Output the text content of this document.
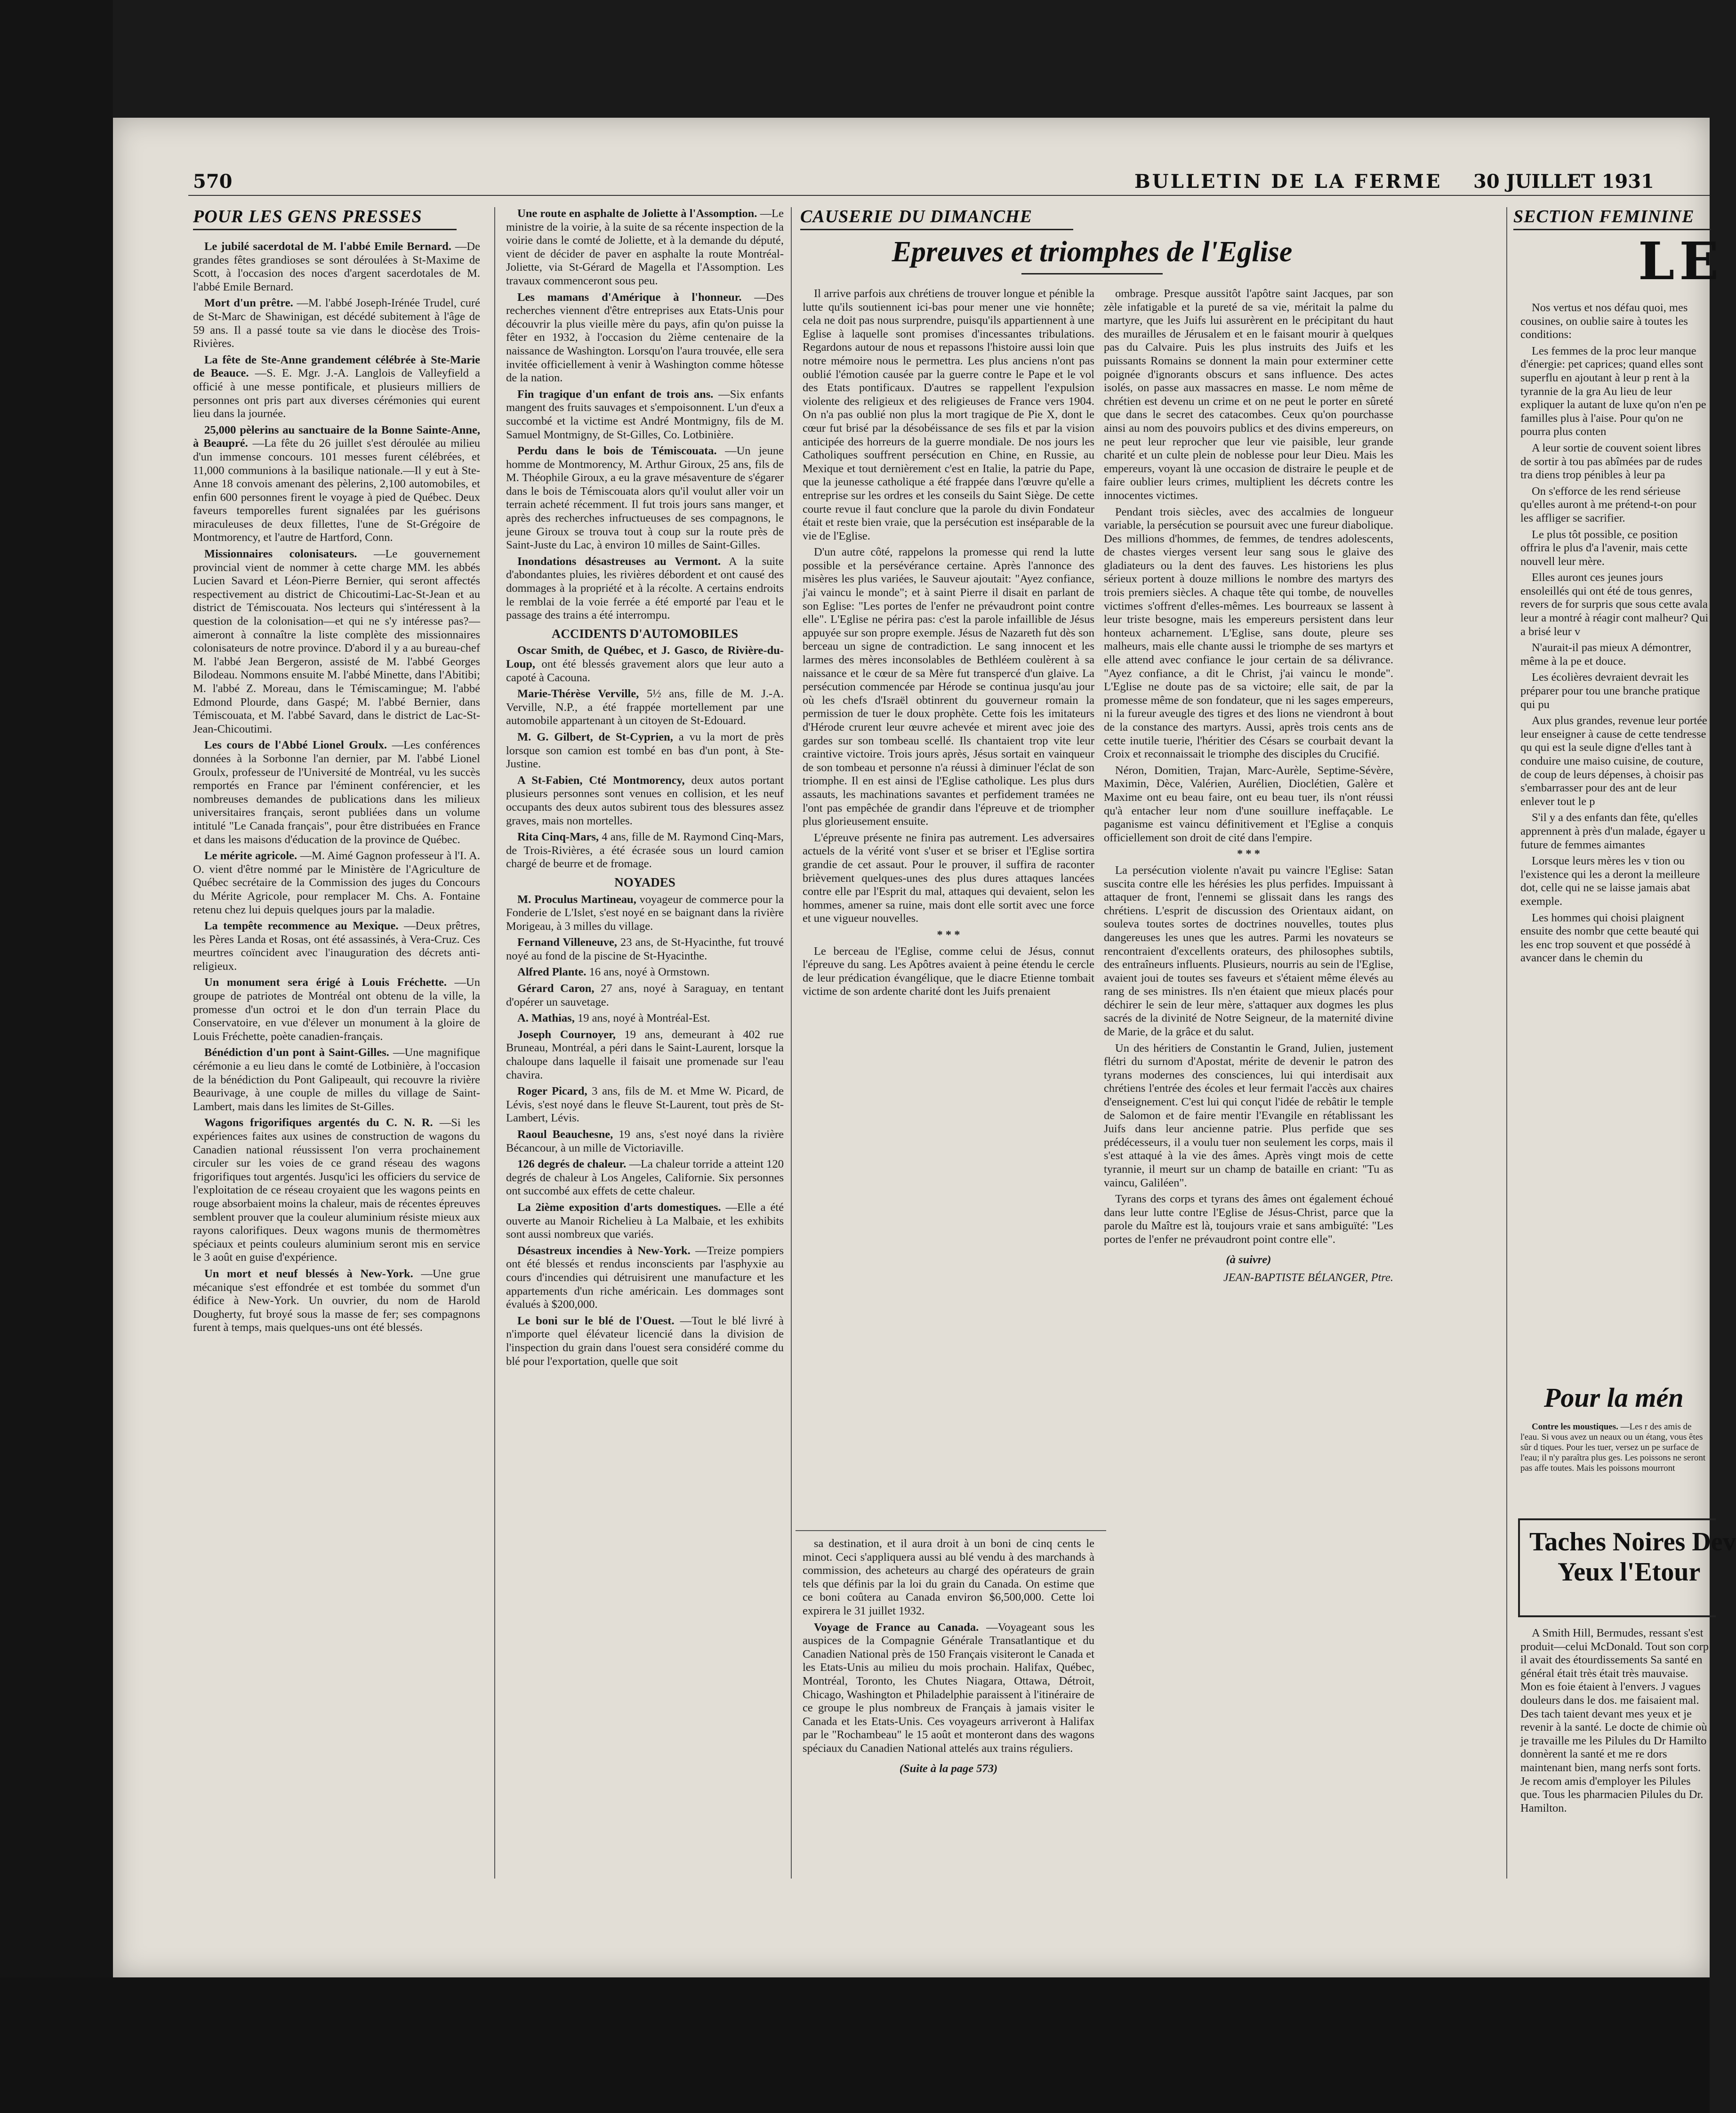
570	BULLETIN DE LA FERME 30 JUILLET 1931
POUR LES GENS PRESSES	CAUSERIE DU DIMANCHE	SECTION FEMININE
Epreuves et triomphes de l'Eglise	LE

Le jubilé sacerdotal de M. l'abbé Emile Bernard. —De grandes fêtes grandioses se sont déroulées à St-Maxime de Scott, à l'occasion des noces d'argent sacerdotales de M. l'abbé Emile Bernard.

Mort d'un prêtre. —M. l'abbé Joseph-Irénée Trudel, curé de St-Marc de Shawinigan, est décédé subitement à l'âge de 59 ans. Il a passé toute sa vie dans le diocèse des Trois-Rivières.

La fête de Ste-Anne grandement célébrée à Ste-Marie de Beauce. —S. E. Mgr. J.-A. Langlois de Valleyfield a officié à une messe pontificale, et plusieurs milliers de personnes ont pris part aux diverses cérémonies qui eurent lieu dans la journée.

25,000 pèlerins au sanctuaire de la Bonne Sainte-Anne, à Beaupré. —La fête du 26 juillet s'est déroulée au milieu d'un immense concours. 101 messes furent célébrées, et 11,000 communions à la basilique nationale.—Il y eut à Ste-Anne 18 convois amenant des pèlerins, 2,100 automobiles, et enfin 600 personnes firent le voyage à pied de Québec. Deux faveurs temporelles furent signalées par les guérisons miraculeuses de deux fillettes, l'une de St-Grégoire de Montmorency, et l'autre de Hartford, Conn.

Missionnaires colonisateurs. —Le gouvernement provincial vient de nommer à cette charge MM. les abbés Lucien Savard et Léon-Pierre Bernier, qui seront affectés respectivement au district de Chicoutimi-Lac-St-Jean et au district de Témiscouata. Nos lecteurs qui s'intéressent à la question de la colonisation—et qui ne s'y intéresse pas?—aimeront à connaître la liste complète des missionnaires colonisateurs de notre province. D'abord il y a au bureau-chef M. l'abbé Jean Bergeron, assisté de M. l'abbé Georges Bilodeau. Nommons ensuite M. l'abbé Minette, dans l'Abitibi; M. l'abbé Z. Moreau, dans le Témiscamingue; M. l'abbé Edmond Plourde, dans Gaspé; M. l'abbé Bernier, dans Témiscouata, et M. l'abbé Savard, dans le district de Lac-St-Jean-Chicoutimi.

Les cours de l'Abbé Lionel Groulx. —Les conférences données à la Sorbonne l'an dernier, par M. l'abbé Lionel Groulx, professeur de l'Université de Montréal, vu les succès remportés en France par l'éminent conférencier, et les nombreuses demandes de publications dans les milieux universitaires français, seront publiées dans un volume intitulé "Le Canada français", pour être distribuées en France et dans les maisons d'éducation de la province de Québec.

Le mérite agricole. —M. Aimé Gagnon professeur à l'I. A. O. vient d'être nommé par le Ministère de l'Agriculture de Québec secrétaire de la Commission des juges du Concours du Mérite Agricole, pour remplacer M. Chs. A. Fontaine retenu chez lui depuis quelques jours par la maladie.

La tempête recommence au Mexique. —Deux prêtres, les Pères Landa et Rosas, ont été assassinés, à Vera-Cruz. Ces meurtres coïncident avec l'inauguration des décrets anti-religieux.

Un monument sera érigé à Louis Fréchette. —Un groupe de patriotes de Montréal ont obtenu de la ville, la promesse d'un octroi et le don d'un terrain Place du Conservatoire, en vue d'élever un monument à la gloire de Louis Fréchette, poète canadien-français.

Bénédiction d'un pont à Saint-Gilles. —Une magnifique cérémonie a eu lieu dans le comté de Lotbinière, à l'occasion de la bénédiction du Pont Galipeault, qui recouvre la rivière Beaurivage, à une couple de milles du village de Saint-Lambert, mais dans les limites de St-Gilles.

Wagons frigorifiques argentés du C. N. R. —Si les expériences faites aux usines de construction de wagons du Canadien national réussissent l'on verra prochainement circuler sur les voies de ce grand réseau des wagons frigorifiques tout argentés. Jusqu'ici les officiers du service de l'exploitation de ce réseau croyaient que les wagons peints en rouge absorbaient moins la chaleur, mais de récentes épreuves semblent prouver que la couleur aluminium résiste mieux aux rayons calorifiques. Deux wagons munis de thermomètres spéciaux et peints couleurs aluminium seront mis en service le 3 août en guise d'expérience.

Un mort et neuf blessés à New-York. —Une grue mécanique s'est effondrée et est tombée du sommet d'un édifice à New-York. Un ouvrier, du nom de Harold Dougherty, fut broyé sous la masse de fer; ses compagnons furent à temps, mais quelques-uns ont été blessés.

Une route en asphalte de Joliette à l'Assomption. —Le ministre de la voirie, à la suite de sa récente inspection de la voirie dans le comté de Joliette, et à la demande du député, vient de décider de paver en asphalte la route Montréal-Joliette, via St-Gérard de Magella et l'Assomption. Les travaux commenceront sous peu.

Les mamans d'Amérique à l'honneur. —Des recherches viennent d'être entreprises aux Etats-Unis pour découvrir la plus vieille mère du pays, afin qu'on puisse la fêter en 1932, à l'occasion du 2ième centenaire de la naissance de Washington. Lorsqu'on l'aura trouvée, elle sera invitée officiellement à venir à Washington comme hôtesse de la nation.

Fin tragique d'un enfant de trois ans. —Six enfants mangent des fruits sauvages et s'empoisonnent. L'un d'eux a succombé et la victime est André Montmigny, fils de M. Samuel Montmigny, de St-Gilles, Co. Lotbinière.

Perdu dans le bois de Témiscouata. —Un jeune homme de Montmorency, M. Arthur Giroux, 25 ans, fils de M. Théophile Giroux, a eu la grave mésaventure de s'égarer dans le bois de Témiscouata alors qu'il voulut aller voir un terrain acheté récemment. Il fut trois jours sans manger, et après des recherches infructueuses de ses compagnons, le jeune Giroux se trouva tout à coup sur la route près de Saint-Juste du Lac, à environ 10 milles de Saint-Gilles.

Inondations désastreuses au Vermont. A la suite d'abondantes pluies, les rivières débordent et ont causé des dommages à la propriété et à la récolte. A certains endroits le remblai de la voie ferrée a été emporté par l'eau et le passage des trains a été interrompu.

ACCIDENTS D'AUTOMOBILES

Oscar Smith, de Québec, et J. Gasco, de Rivière-du-Loup, ont été blessés gravement alors que leur auto a capoté à Cacouna.

Marie-Thérèse Verville, 5½ ans, fille de M. J.-A. Verville, N.P., a été frappée mortellement par une automobile appartenant à un citoyen de St-Edouard.

M. G. Gilbert, de St-Cyprien, a vu la mort de près lorsque son camion est tombé en bas d'un pont, à Ste-Justine.

A St-Fabien, Cté Montmorency, deux autos portant plusieurs personnes sont venues en collision, et les neuf occupants des deux autos subirent tous des blessures assez graves, mais non mortelles.

Rita Cinq-Mars, 4 ans, fille de M. Raymond Cinq-Mars, de Trois-Rivières, a été écrasée sous un lourd camion chargé de beurre et de fromage.

NOYADES

M. Proculus Martineau, voyageur de commerce pour la Fonderie de L'Islet, s'est noyé en se baignant dans la rivière Morigeau, à 3 milles du village.

Fernand Villeneuve, 23 ans, de St-Hyacinthe, fut trouvé noyé au fond de la piscine de St-Hyacinthe.

Alfred Plante. 16 ans, noyé à Ormstown.

Gérard Caron, 27 ans, noyé à Saraguay, en tentant d'opérer un sauvetage.

A. Mathias, 19 ans, noyé à Montréal-Est.

Joseph Cournoyer, 19 ans, demeurant à 402 rue Bruneau, Montréal, a péri dans le Saint-Laurent, lorsque la chaloupe dans laquelle il faisait une promenade sur l'eau chavira.

Roger Picard, 3 ans, fils de M. et Mme W. Picard, de Lévis, s'est noyé dans le fleuve St-Laurent, tout près de St-Lambert, Lévis.

Raoul Beauchesne, 19 ans, s'est noyé dans la rivière Bécancour, à un mille de Victoriaville.

126 degrés de chaleur. —La chaleur torride a atteint 120 degrés de chaleur à Los Angeles, Californie. Six personnes ont succombé aux effets de cette chaleur.

La 2ième exposition d'arts domestiques. —Elle a été ouverte au Manoir Richelieu à La Malbaie, et les exhibits sont aussi nombreux que variés.

Désastreux incendies à New-York. —Treize pompiers ont été blessés et rendus inconscients par l'asphyxie au cours d'incendies qui détruisirent une manufacture et les appartements d'un riche américain. Les dommages sont évalués à $200,000.

Le boni sur le blé de l'Ouest. —Tout le blé livré à n'importe quel élévateur licencié dans la division de l'inspection du grain dans l'ouest sera considéré comme du blé pour l'exportation, quelle que soit

Il arrive parfois aux chrétiens de trouver longue et pénible la lutte qu'ils soutiennent ici-bas pour mener une vie honnête; cela ne doit pas nous surprendre, puisqu'ils appartiennent à une Eglise à laquelle sont promises d'incessantes tribulations. Regardons autour de nous et repassons l'histoire aussi loin que notre mémoire nous le permettra. Les plus anciens n'ont pas oublié l'émotion causée par la guerre contre le Pape et le vol des Etats pontificaux. D'autres se rappellent l'expulsion violente des religieux et des religieuses de France vers 1904. On n'a pas oublié non plus la mort tragique de Pie X, dont le cœur fut brisé par la désobéissance de ses fils et par la vision anticipée des horreurs de la guerre mondiale. De nos jours les Catholiques souffrent persécution en Chine, en Russie, au Mexique et tout dernièrement c'est en Italie, la patrie du Pape, que la jeunesse catholique a été frappée dans l'œuvre qu'elle a entreprise sur les ordres et les conseils du Saint Siège. De cette courte revue il faut conclure que la parole du divin Fondateur était et reste bien vraie, que la persécution est inséparable de la vie de l'Eglise.

D'un autre côté, rappelons la promesse qui rend la lutte possible et la persévérance certaine. Après l'annonce des misères les plus variées, le Sauveur ajoutait: "Ayez confiance, j'ai vaincu le monde"; et à saint Pierre il disait en parlant de son Eglise: "Les portes de l'enfer ne prévaudront point contre elle". L'Eglise ne périra pas: c'est la parole infaillible de Jésus appuyée sur son propre exemple. Jésus de Nazareth fut dès son berceau un signe de contradiction. Le sang innocent et les larmes des mères inconsolables de Bethléem coulèrent à sa naissance et le cœur de sa Mère fut transpercé d'un glaive. La persécution commencée par Hérode se continua jusqu'au jour où les chefs d'Israël obtinrent du gouverneur romain la permission de tuer le doux prophète. Cette fois les imitateurs d'Hérode crurent leur œuvre achevée et mirent avec joie des gardes sur son tombeau scellé. Ils chantaient trop vite leur craintive victoire. Trois jours après, Jésus sortait en vainqueur de son tombeau et personne n'a réussi à diminuer l'éclat de son triomphe. Il en est ainsi de l'Eglise catholique. Les plus durs assauts, les machinations savantes et perfidement tramées ne l'ont pas empêchée de grandir dans l'épreuve et de triompher plus glorieusement ensuite.

L'épreuve présente ne finira pas autrement. Les adversaires actuels de la vérité vont s'user et se briser et l'Eglise sortira grandie de cet assaut. Pour le prouver, il suffira de raconter brièvement quelques-unes des plus dures attaques lancées contre elle par l'Esprit du mal, attaques qui devaient, selon les hommes, amener sa ruine, mais dont elle sortit avec une force et une vigueur nouvelles.

* * *

Le berceau de l'Eglise, comme celui de Jésus, connut l'épreuve du sang. Les Apôtres avaient à peine étendu le cercle de leur prédication évangélique, que le diacre Etienne tombait victime de son ardente charité dont les Juifs prenaient

sa destination, et il aura droit à un boni de cinq cents le minot. Ceci s'appliquera aussi au blé vendu à des marchands à commission, des acheteurs au chargé des opérateurs de grain tels que définis par la loi du grain du Canada. On estime que ce boni coûtera au Canada environ $6,500,000. Cette loi expirera le 31 juillet 1932.

Voyage de France au Canada. —Voyageant sous les auspices de la Compagnie Générale Transatlantique et du Canadien National près de 150 Français visiteront le Canada et les Etats-Unis au milieu du mois prochain. Halifax, Québec, Montréal, Toronto, les Chutes Niagara, Ottawa, Détroit, Chicago, Washington et Philadelphie paraissent à l'itinéraire de ce groupe le plus nombreux de Français à jamais visiter le Canada et les Etats-Unis. Ces voyageurs arriveront à Halifax par le "Rochambeau" le 15 août et monteront dans des wagons spéciaux du Canadien National attelés aux trains réguliers.

(Suite à la page 573)

ombrage. Presque aussitôt l'apôtre saint Jacques, par son zèle infatigable et la pureté de sa vie, méritait la palme du martyre, que les Juifs lui assurèrent en le précipitant du haut des murailles de Jérusalem et en le faisant mourir à quelques pas du Calvaire. Puis les plus instruits des Juifs et les puissants Romains se donnent la main pour exterminer cette poignée d'ignorants obscurs et sans influence. Des actes isolés, on passe aux massacres en masse. Le nom même de chrétien est devenu un crime et on ne peut le porter en sûreté que dans le secret des catacombes. Ceux qu'on pourchasse ainsi au nom des pouvoirs publics et des divins empereurs, on ne peut leur reprocher que leur vie paisible, leur grande charité et un culte plein de noblesse pour leur Dieu. Mais les empereurs, voyant là une occasion de distraire le peuple et de faire oublier leurs crimes, multiplient les décrets contre les innocentes victimes.

Pendant trois siècles, avec des accalmies de longueur variable, la persécution se poursuit avec une fureur diabolique. Des millions d'hommes, de femmes, de tendres adolescents, de chastes vierges versent leur sang sous le glaive des gladiateurs ou la dent des fauves. Les historiens les plus sérieux portent à douze millions le nombre des martyrs des trois premiers siècles. A chaque tête qui tombe, de nouvelles victimes s'offrent d'elles-mêmes. Les bourreaux se lassent à leur triste besogne, mais les empereurs persistent dans leur honteux acharnement. L'Eglise, sans doute, pleure ses malheurs, mais elle chante aussi le triomphe de ses martyrs et elle attend avec confiance le jour certain de sa délivrance. "Ayez confiance, a dit le Christ, j'ai vaincu le monde". L'Eglise ne doute pas de sa victoire; elle sait, de par la promesse même de son fondateur, que ni les sages empereurs, ni la fureur aveugle des tigres et des lions ne viendront à bout de la constance des martyrs. Aussi, après trois cents ans de cette inutile tuerie, l'héritier des Césars se courbait devant la Croix et reconnaissait le triomphe des disciples du Crucifié.

Néron, Domitien, Trajan, Marc-Aurèle, Septime-Sévère, Maximin, Dèce, Valérien, Aurélien, Dioclétien, Galère et Maxime ont eu beau faire, ont eu beau tuer, ils n'ont réussi qu'à entacher leur nom d'une souillure ineffaçable. Le paganisme est vaincu définitivement et l'Eglise a conquis officiellement son droit de cité dans l'empire.

* * *

La persécution violente n'avait pu vaincre l'Eglise: Satan suscita contre elle les hérésies les plus perfides. Impuissant à attaquer de front, l'ennemi se glissait dans les rangs des chrétiens. L'esprit de discussion des Orientaux aidant, on souleva toutes sortes de doctrines nouvelles, toutes plus dangereuses les unes que les autres. Parmi les novateurs se rencontraient d'excellents orateurs, des philosophes subtils, des entraîneurs influents. Plusieurs, nourris au sein de l'Eglise, avaient joui de toutes ses faveurs et s'étaient même élevés au rang de ses ministres. Ils n'en étaient que mieux placés pour déchirer le sein de leur mère, s'attaquer aux dogmes les plus sacrés de la divinité de Notre Seigneur, de la maternité divine de Marie, de la grâce et du salut.

Un des héritiers de Constantin le Grand, Julien, justement flétri du surnom d'Apostat, mérite de devenir le patron des tyrans modernes des consciences, lui qui interdisait aux chrétiens l'entrée des écoles et leur fermait l'accès aux chaires d'enseignement. C'est lui qui conçut l'idée de rebâtir le temple de Salomon et de faire mentir l'Evangile en rétablissant les Juifs dans leur ancienne patrie. Plus perfide que ses prédécesseurs, il a voulu tuer non seulement les corps, mais il s'est attaqué à la vie des âmes. Après vingt mois de cette tyrannie, il meurt sur un champ de bataille en criant: "Tu as vaincu, Galiléen".

Tyrans des corps et tyrans des âmes ont également échoué dans leur lutte contre l'Eglise de Jésus-Christ, parce que la parole du Maître est là, toujours vraie et sans ambiguïté: "Les portes de l'enfer ne prévaudront point contre elle".

(à suivre)
JEAN-BAPTISTE BÉLANGER, Ptre.

Nos vertus et nos défau quoi, mes cousines, on oublie saire à toutes les conditions:

Les femmes de la proc leur manque d'énergie: pet caprices; quand elles sont superflu en ajoutant à leur p rent à la tyrannie de la gra Au lieu de leur expliquer la autant de luxe qu'on n'en pe familles plus à l'aise. Pour qu'on ne pourra plus conten

A leur sortie de couvent soient libres de sortir à tou pas abîmées par de rudes tra diens trop pénibles à leur pa

On s'efforce de les rend sérieuse qu'elles auront à me prétend-t-on pour les affliger se sacrifier.

Le plus tôt possible, ce position offrira le plus d'a l'avenir, mais cette nouvell leur mère.

Elles auront ces jeunes jours ensoleillés qui ont été de tous genres, revers de for surpris que sous cette avala leur a montré à réagir cont malheur? Qui a brisé leur v

N'aurait-il pas mieux A démontrer, même à la pe et douce.

Les écolières devraient devrait les préparer pour tou une branche pratique qui pu

Aux plus grandes, revenue leur portée leur enseigner à cause de cette tendresse qu qui est la seule digne d'elles tant à conduire une maiso cuisine, de couture, de coup de leurs dépenses, à choisir pas s'embarrasser pour des ant de leur enlever tout le p

S'il y a des enfants dan fête, qu'elles apprennent à près d'un malade, égayer u future de femmes aimantes

Lorsque leurs mères les v tion ou l'existence qui les a deront la meilleure dot, celle qui ne se laisse jamais abat exemple.

Les hommes qui choisi plaignent ensuite des nombr que cette beauté qui les enc trop souvent et que possédé à avancer dans le chemin du

Pour la mén

Contre les moustiques. —Les r des amis de l'eau. Si vous avez un neaux ou un étang, vous êtes sûr d tiques. Pour les tuer, versez un pe surface de l'eau; il n'y paraîtra plus ges. Les poissons ne seront pas affe toutes. Mais les poissons mourront

Taches Noires Dev
Yeux l'Etour

A Smith Hill, Bermudes, ressant s'est produit—celui McDonald. Tout son corp il avait des étourdissements Sa santé en général était très était très mauvaise. Mon es foie étaient à l'envers. J vagues douleurs dans le dos. me faisaient mal. Des tach taient devant mes yeux et je revenir à la santé. Le docte de chimie où je travaille me les Pilules du Dr Hamilto donnèrent la santé et me re dors maintenant bien, mang nerfs sont forts. Je recom amis d'employer les Pilules que. Tous les pharmacien Pilules du Dr. Hamilton.
